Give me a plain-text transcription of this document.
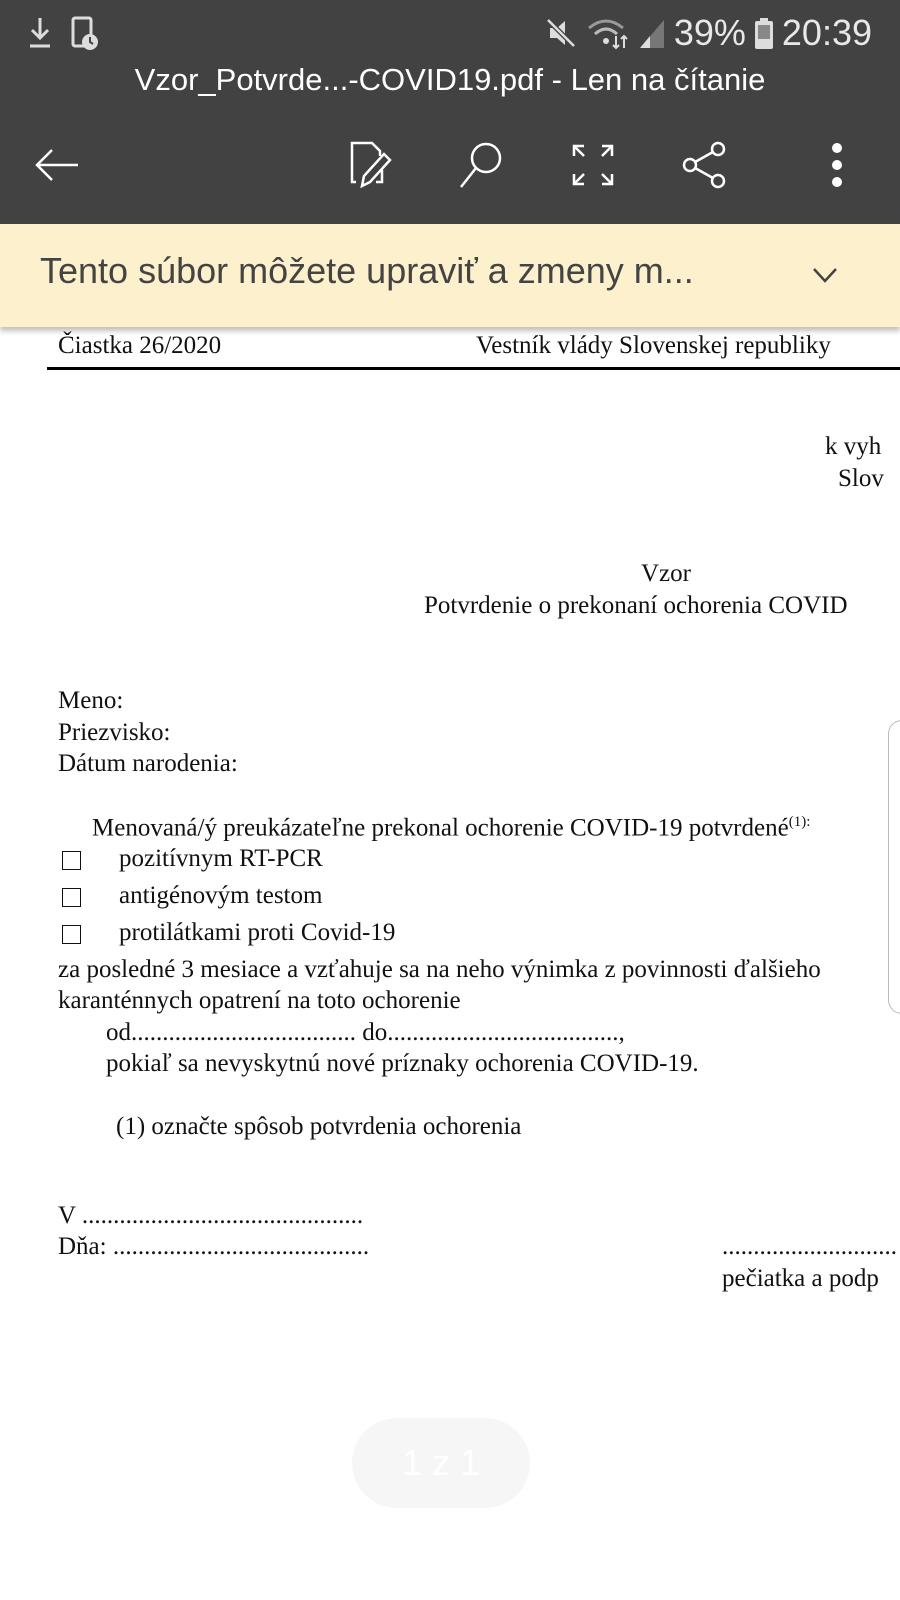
39% 20:39
Vzor_Potvrde...-COVID19.pdf - Len na čítanie
Tento súbor môžete upraviť a zmeny m...
Čiastka 26/2020	Vestník vlády Slovenskej republiky
k vyh
Slov
Vzor
Potvrdenie o prekonaní ochorenia COVID
Meno:
Priezvisko:
Dátum narodenia:
Menovaná/ý preukázateľne prekonal ochorenie COVID-19 potvrdené$^{(1):}$
pozitívnym RT-PCR
antigénovým testom
protilátkami proti Covid-19
za posledné 3 mesiace a vzťahuje sa na neho výnimka z povinnosti ďalšieho
karanténnych opatrení na toto ochorenie
od.................................... do.....................................,
pokiaľ sa nevyskytnú nové príznaky ochorenia COVID-19.
(1) označte spôsob potvrdenia ochorenia
V .............................................
Dňa: .........................................	............................
pečiatka a podp
1 z 1
